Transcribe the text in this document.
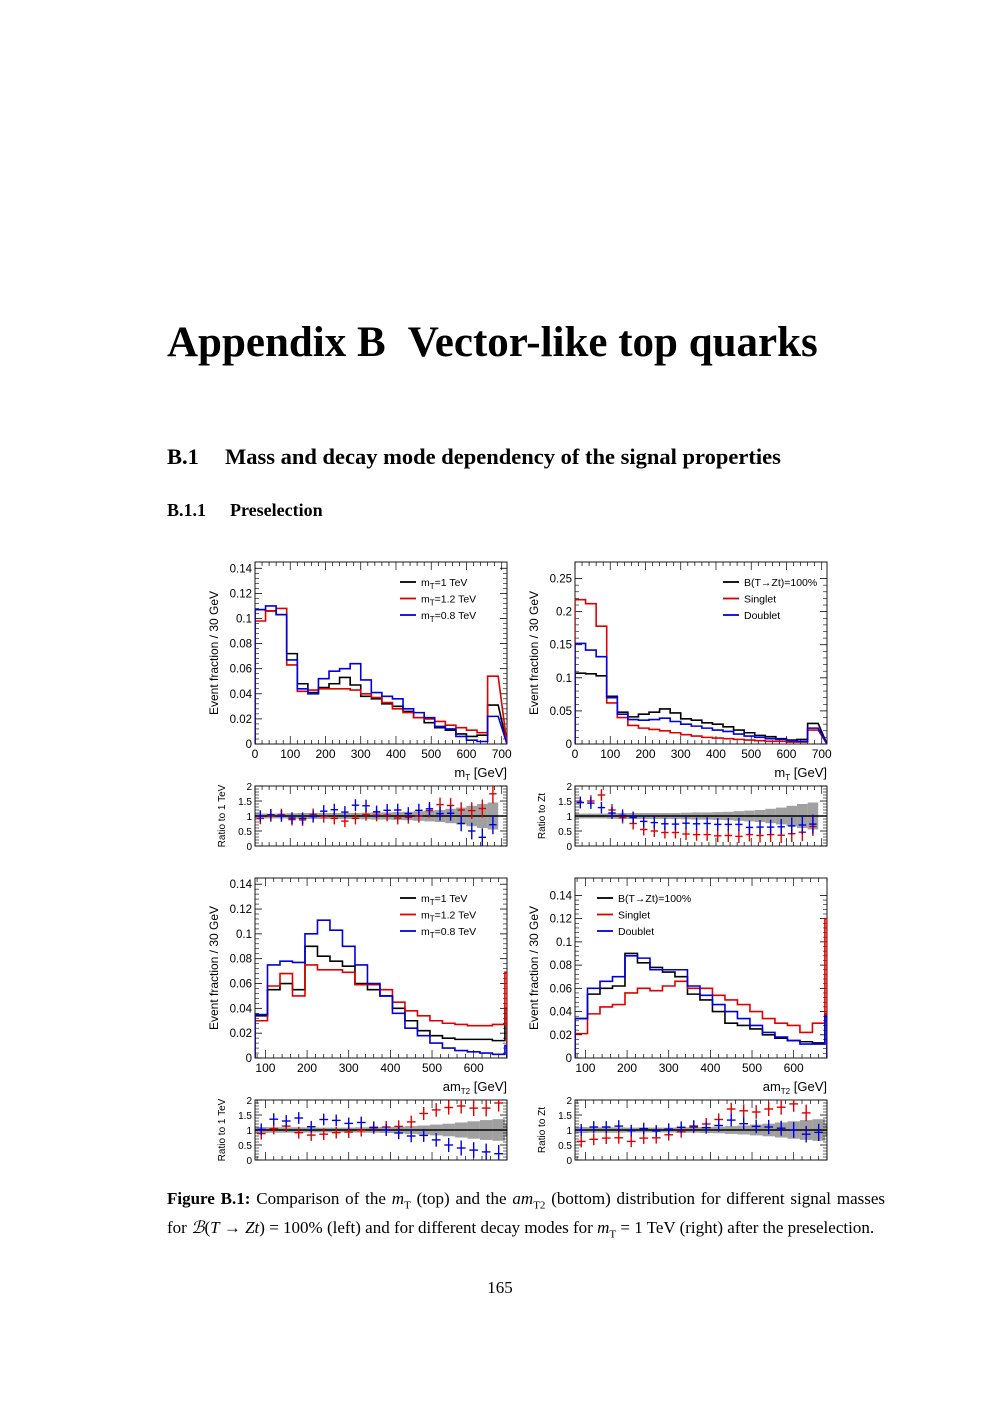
Appendix B Vector-like top quarks
B.1 Mass and decay mode dependency of the signal properties
B.1.1 Preselection
0
0.02
0.04
0.06
0.08
0.1
0.12
0.14
Event fraction / 30 GeV
0 100 200 300 400 500 600 700
$m_T$ [GeV]
$m_T=1$ TeV
$m_T=1.2$ TeV
$m_T=0.8$ TeV
0
0.5
1
1.5
2
Ratio to 1 TeV
0
0.05
0.1
0.15
0.2
0.25
Event fraction / 30 GeV
0 100 200 300 400 500 600 700
$m_T$ [GeV]
B(T→Zt)=100%
Singlet
Doublet
0
0.5
1
1.5
2
Ratio to Zt
0
0.02
0.04
0.06
0.08
0.1
0.12
0.14
Event fraction / 30 GeV
100 200 300 400 500 600
$am_{T2}$ [GeV]
$m_T=1$ TeV
$m_T=1.2$ TeV
$m_T=0.8$ TeV
0
0.5
1
1.5
2
Ratio to 1 TeV
0
0.02
0.04
0.06
0.08
0.1
0.12
0.14
Event fraction / 30 GeV
100 200 300 400 500 600
$am_{T2}$ [GeV]
B(T→Zt)=100%
Singlet
Doublet
0
0.5
1
1.5
2
Ratio to Zt
Figure B.1: Comparison of the $m_T$ (top) and the $am_{T2}$ (bottom) distribution for different signal masses for ℬ(T → Zt) = 100% (left) and for different decay modes for $m_T = 1$ TeV (right) after the preselection.
165
